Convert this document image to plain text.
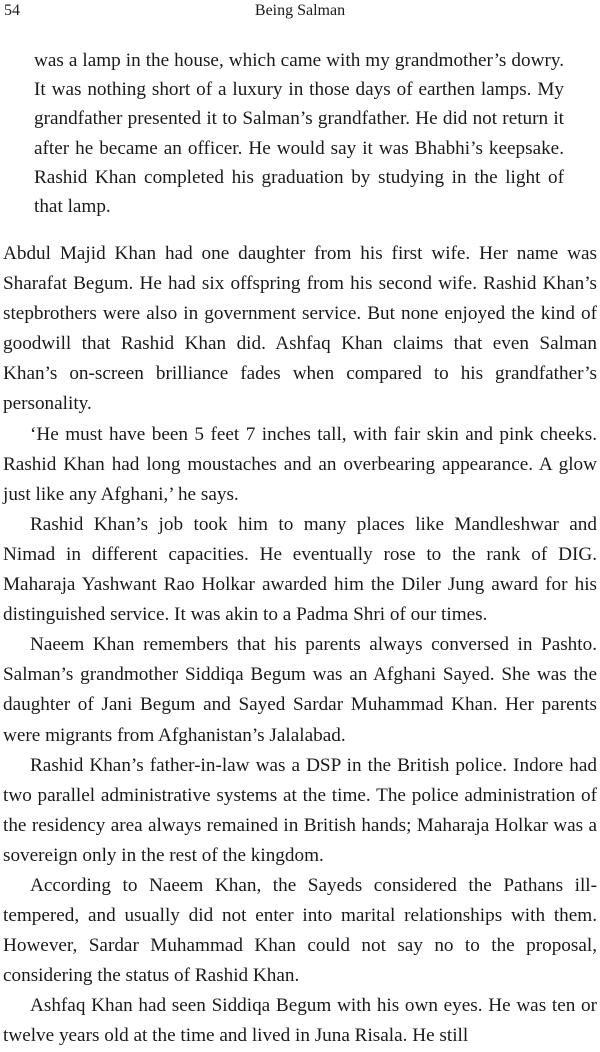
54	Being Salman

was a lamp in the house, which came with my grandmother’s dowry. It was nothing short of a luxury in those days of earthen lamps. My grandfather presented it to Salman’s grandfather. He did not return it after he became an officer. He would say it was Bhabhi’s keepsake. Rashid Khan completed his graduation by studying in the light of that lamp.

Abdul Majid Khan had one daughter from his first wife. Her name was Sharafat Begum. He had six offspring from his second wife. Rashid Khan’s stepbrothers were also in government service. But none enjoyed the kind of goodwill that Rashid Khan did. Ashfaq Khan claims that even Salman Khan’s on-screen brilliance fades when compared to his grandfather’s personality.

‘He must have been 5 feet 7 inches tall, with fair skin and pink cheeks. Rashid Khan had long moustaches and an overbearing appearance. A glow just like any Afghani,’ he says.

Rashid Khan’s job took him to many places like Mandleshwar and Nimad in different capacities. He eventually rose to the rank of DIG. Maharaja Yashwant Rao Holkar awarded him the Diler Jung award for his distinguished service. It was akin to a Padma Shri of our times.

Naeem Khan remembers that his parents always conversed in Pashto. Salman’s grandmother Siddiqa Begum was an Afghani Sayed. She was the daughter of Jani Begum and Sayed Sardar Muhammad Khan. Her parents were migrants from Afghanistan’s Jalalabad.

Rashid Khan’s father-in-law was a DSP in the British police. Indore had two parallel administrative systems at the time. The police administration of the residency area always remained in British hands; Maharaja Holkar was a sovereign only in the rest of the kingdom.

According to Naeem Khan, the Sayeds considered the Pathans ill-tempered, and usually did not enter into marital relationships with them. However, Sardar Muhammad Khan could not say no to the proposal, considering the status of Rashid Khan.

Ashfaq Khan had seen Siddiqa Begum with his own eyes. He was ten or twelve years old at the time and lived in Juna Risala. He still
